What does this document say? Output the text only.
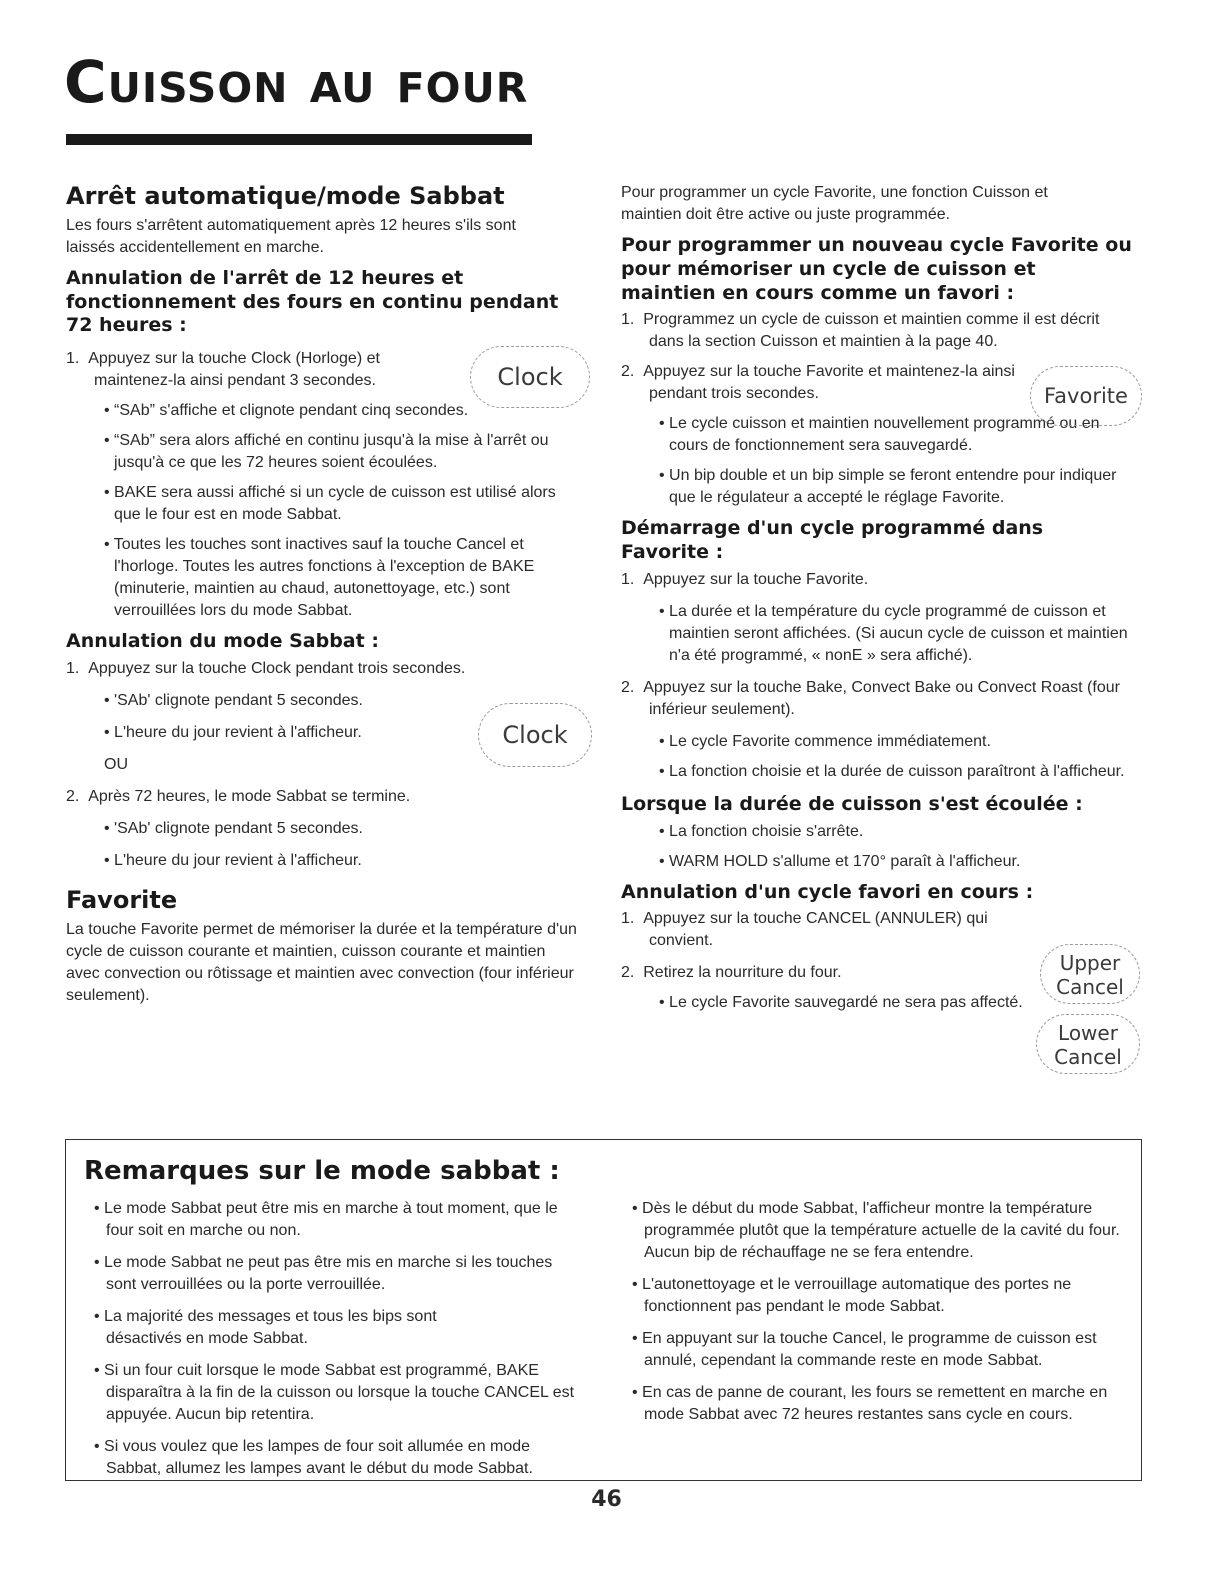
Cuisson au four
Arrêt automatique/mode Sabbat

Les fours s'arrêtent automatiquement après 12 heures s'ils sont laissés accidentellement en marche.

Annulation de l'arrêt de 12 heures et fonctionnement des fours en continu pendant 72 heures :
1.  Appuyez sur la touche Clock (Horloge) et maintenez-la ainsi pendant 3 secondes.
• “SAb” s'affiche et clignote pendant cinq secondes.
• “SAb” sera alors affiché en continu jusqu'à la mise à l'arrêt ou jusqu'à ce que les 72 heures soient écoulées.
• BAKE sera aussi affiché si un cycle de cuisson est utilisé alors que le four est en mode Sabbat.
• Toutes les touches sont inactives sauf la touche Cancel et l'horloge. Toutes les autres fonctions à l'exception de BAKE (minuterie, maintien au chaud, autonettoyage, etc.) sont verrouillées lors du mode Sabbat.
Annulation du mode Sabbat :
1.  Appuyez sur la touche Clock pendant trois secondes.
• 'SAb' clignote pendant 5 secondes.
• L'heure du jour revient à l'afficheur.
OU
2.  Après 72 heures, le mode Sabbat se termine.
• 'SAb' clignote pendant 5 secondes.
• L'heure du jour revient à l'afficheur.
Favorite

La touche Favorite permet de mémoriser la durée et la température d'un cycle de cuisson courante et maintien, cuisson courante et maintien avec convection ou rôtissage et maintien avec convection (four inférieur seulement).

Clock
Clock

Pour programmer un cycle Favorite, une fonction Cuisson et maintien doit être active ou juste programmée.

Pour programmer un nouveau cycle Favorite ou pour mémoriser un cycle de cuisson et maintien en cours comme un favori :
1.  Programmez un cycle de cuisson et maintien comme il est décrit dans la section Cuisson et maintien à la page 40.
2.  Appuyez sur la touche Favorite et maintenez-la ainsi pendant trois secondes.
• Le cycle cuisson et maintien nouvellement programmé ou en cours de fonctionnement sera sauvegardé.
• Un bip double et un bip simple se feront entendre pour indiquer que le régulateur a accepté le réglage Favorite.
Démarrage d'un cycle programmé dans Favorite :
1.  Appuyez sur la touche Favorite.
• La durée et la température du cycle programmé de cuisson et maintien seront affichées. (Si aucun cycle de cuisson et maintien n'a été programmé, « nonE » sera affiché).
2.  Appuyez sur la touche Bake, Convect Bake ou Convect Roast (four inférieur seulement).
• Le cycle Favorite commence immédiatement.
• La fonction choisie et la durée de cuisson paraîtront à l'afficheur.
Lorsque la durée de cuisson s'est écoulée :
• La fonction choisie s'arrête.
• WARM HOLD s'allume et 170° paraît à l'afficheur.
Annulation d'un cycle favori en cours :
1.  Appuyez sur la touche CANCEL (ANNULER) qui convient.
2.  Retirez la nourriture du four.
• Le cycle Favorite sauvegardé ne sera pas affecté.
Favorite
Upper
Cancel
Lower
Cancel
Remarques sur le mode sabbat :
• Le mode Sabbat peut être mis en marche à tout moment, que le four soit en marche ou non.
• Le mode Sabbat ne peut pas être mis en marche si les touches sont verrouillées ou la porte verrouillée.
• La majorité des messages et tous les bips sont désactivés en mode Sabbat.
• Si un four cuit lorsque le mode Sabbat est programmé, BAKE disparaîtra à la fin de la cuisson ou lorsque la touche CANCEL est appuyée. Aucun bip retentira.
• Si vous voulez que les lampes de four soit allumée en mode Sabbat, allumez les lampes avant le début du mode Sabbat.
• Dès le début du mode Sabbat, l'afficheur montre la température programmée plutôt que la température actuelle de la cavité du four. Aucun bip de réchauffage ne se fera entendre.
• L'autonettoyage et le verrouillage automatique des portes ne fonctionnent pas pendant le mode Sabbat.
• En appuyant sur la touche Cancel, le programme de cuisson est annulé, cependant la commande reste en mode Sabbat.
• En cas de panne de courant, les fours se remettent en marche en mode Sabbat avec 72 heures restantes sans cycle en cours.
46
